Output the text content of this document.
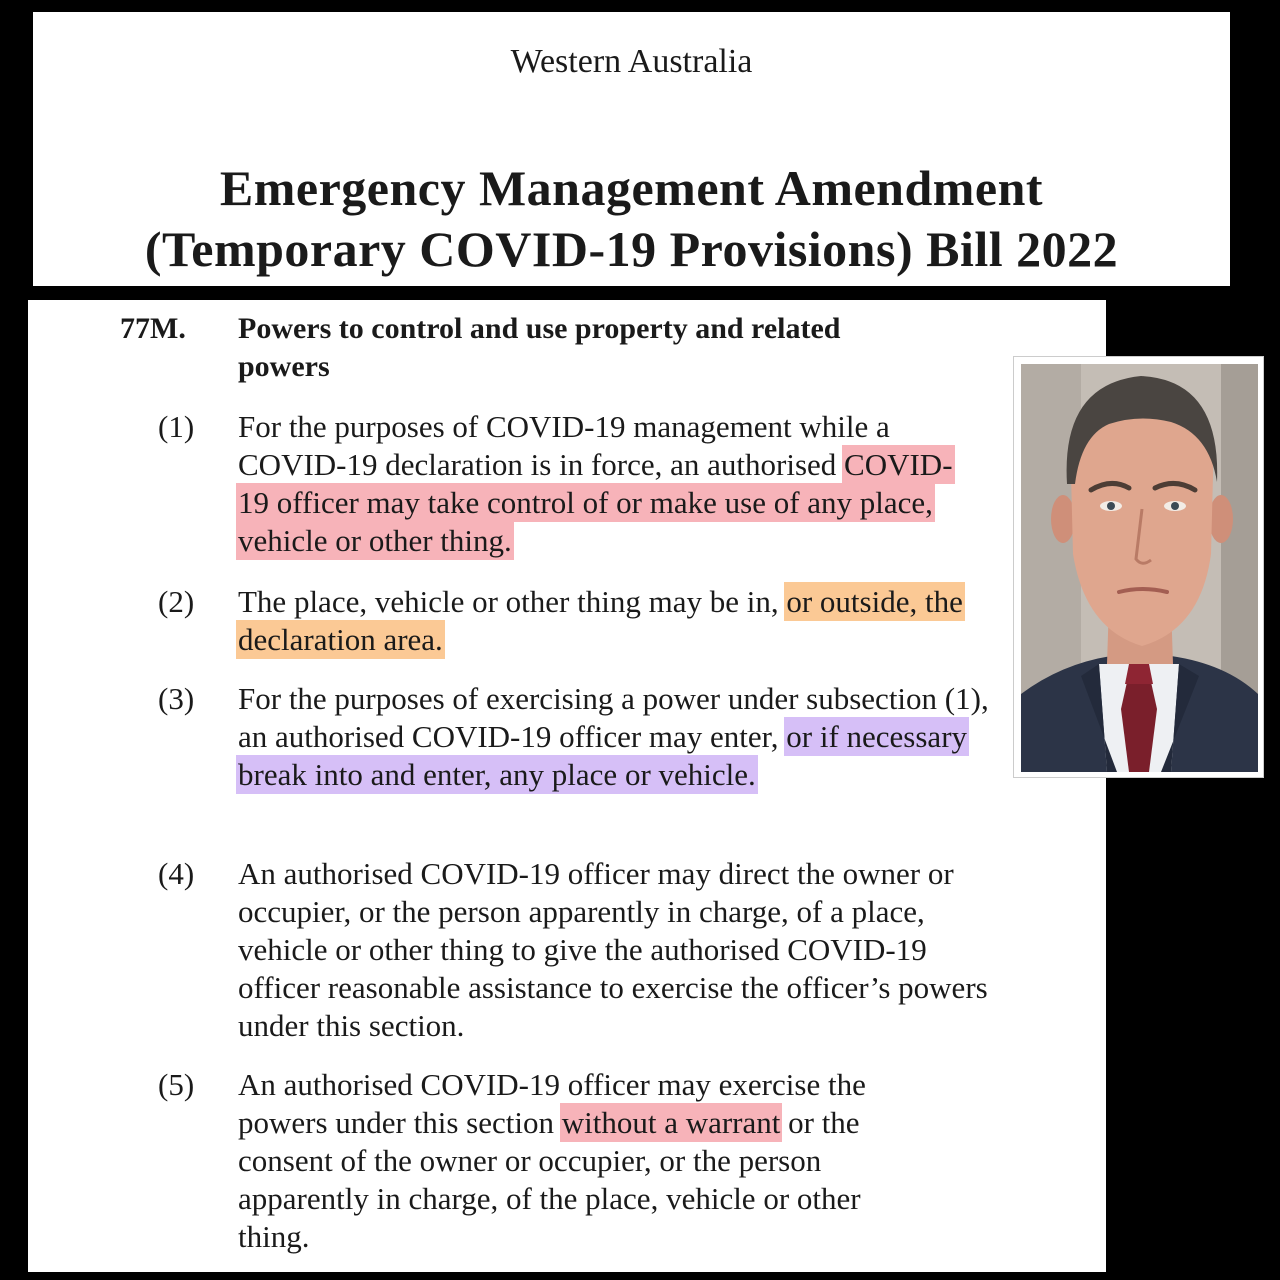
Western Australia
Emergency Management Amendment
(Temporary COVID-19 Provisions) Bill 2022
77M. Powers to control and use property and related
powers
(1) For the purposes of COVID-19 management while a COVID-19 declaration is in force, an authorised COVID-19 officer may take control of or make use of any place, vehicle or other thing.
(2) The place, vehicle or other thing may be in, or outside, the declaration area.
(3) For the purposes of exercising a power under subsection (1), an authorised COVID-19 officer may enter, or if necessary break into and enter, any place or vehicle.
(4) An authorised COVID-19 officer may direct the owner or occupier, or the person apparently in charge, of a place, vehicle or other thing to give the authorised COVID-19 officer reasonable assistance to exercise the officer’s powers under this section.
(5) An authorised COVID-19 officer may exercise the powers under this section without a warrant or the consent of the owner or occupier, or the person apparently in charge, of the place, vehicle or other thing.
